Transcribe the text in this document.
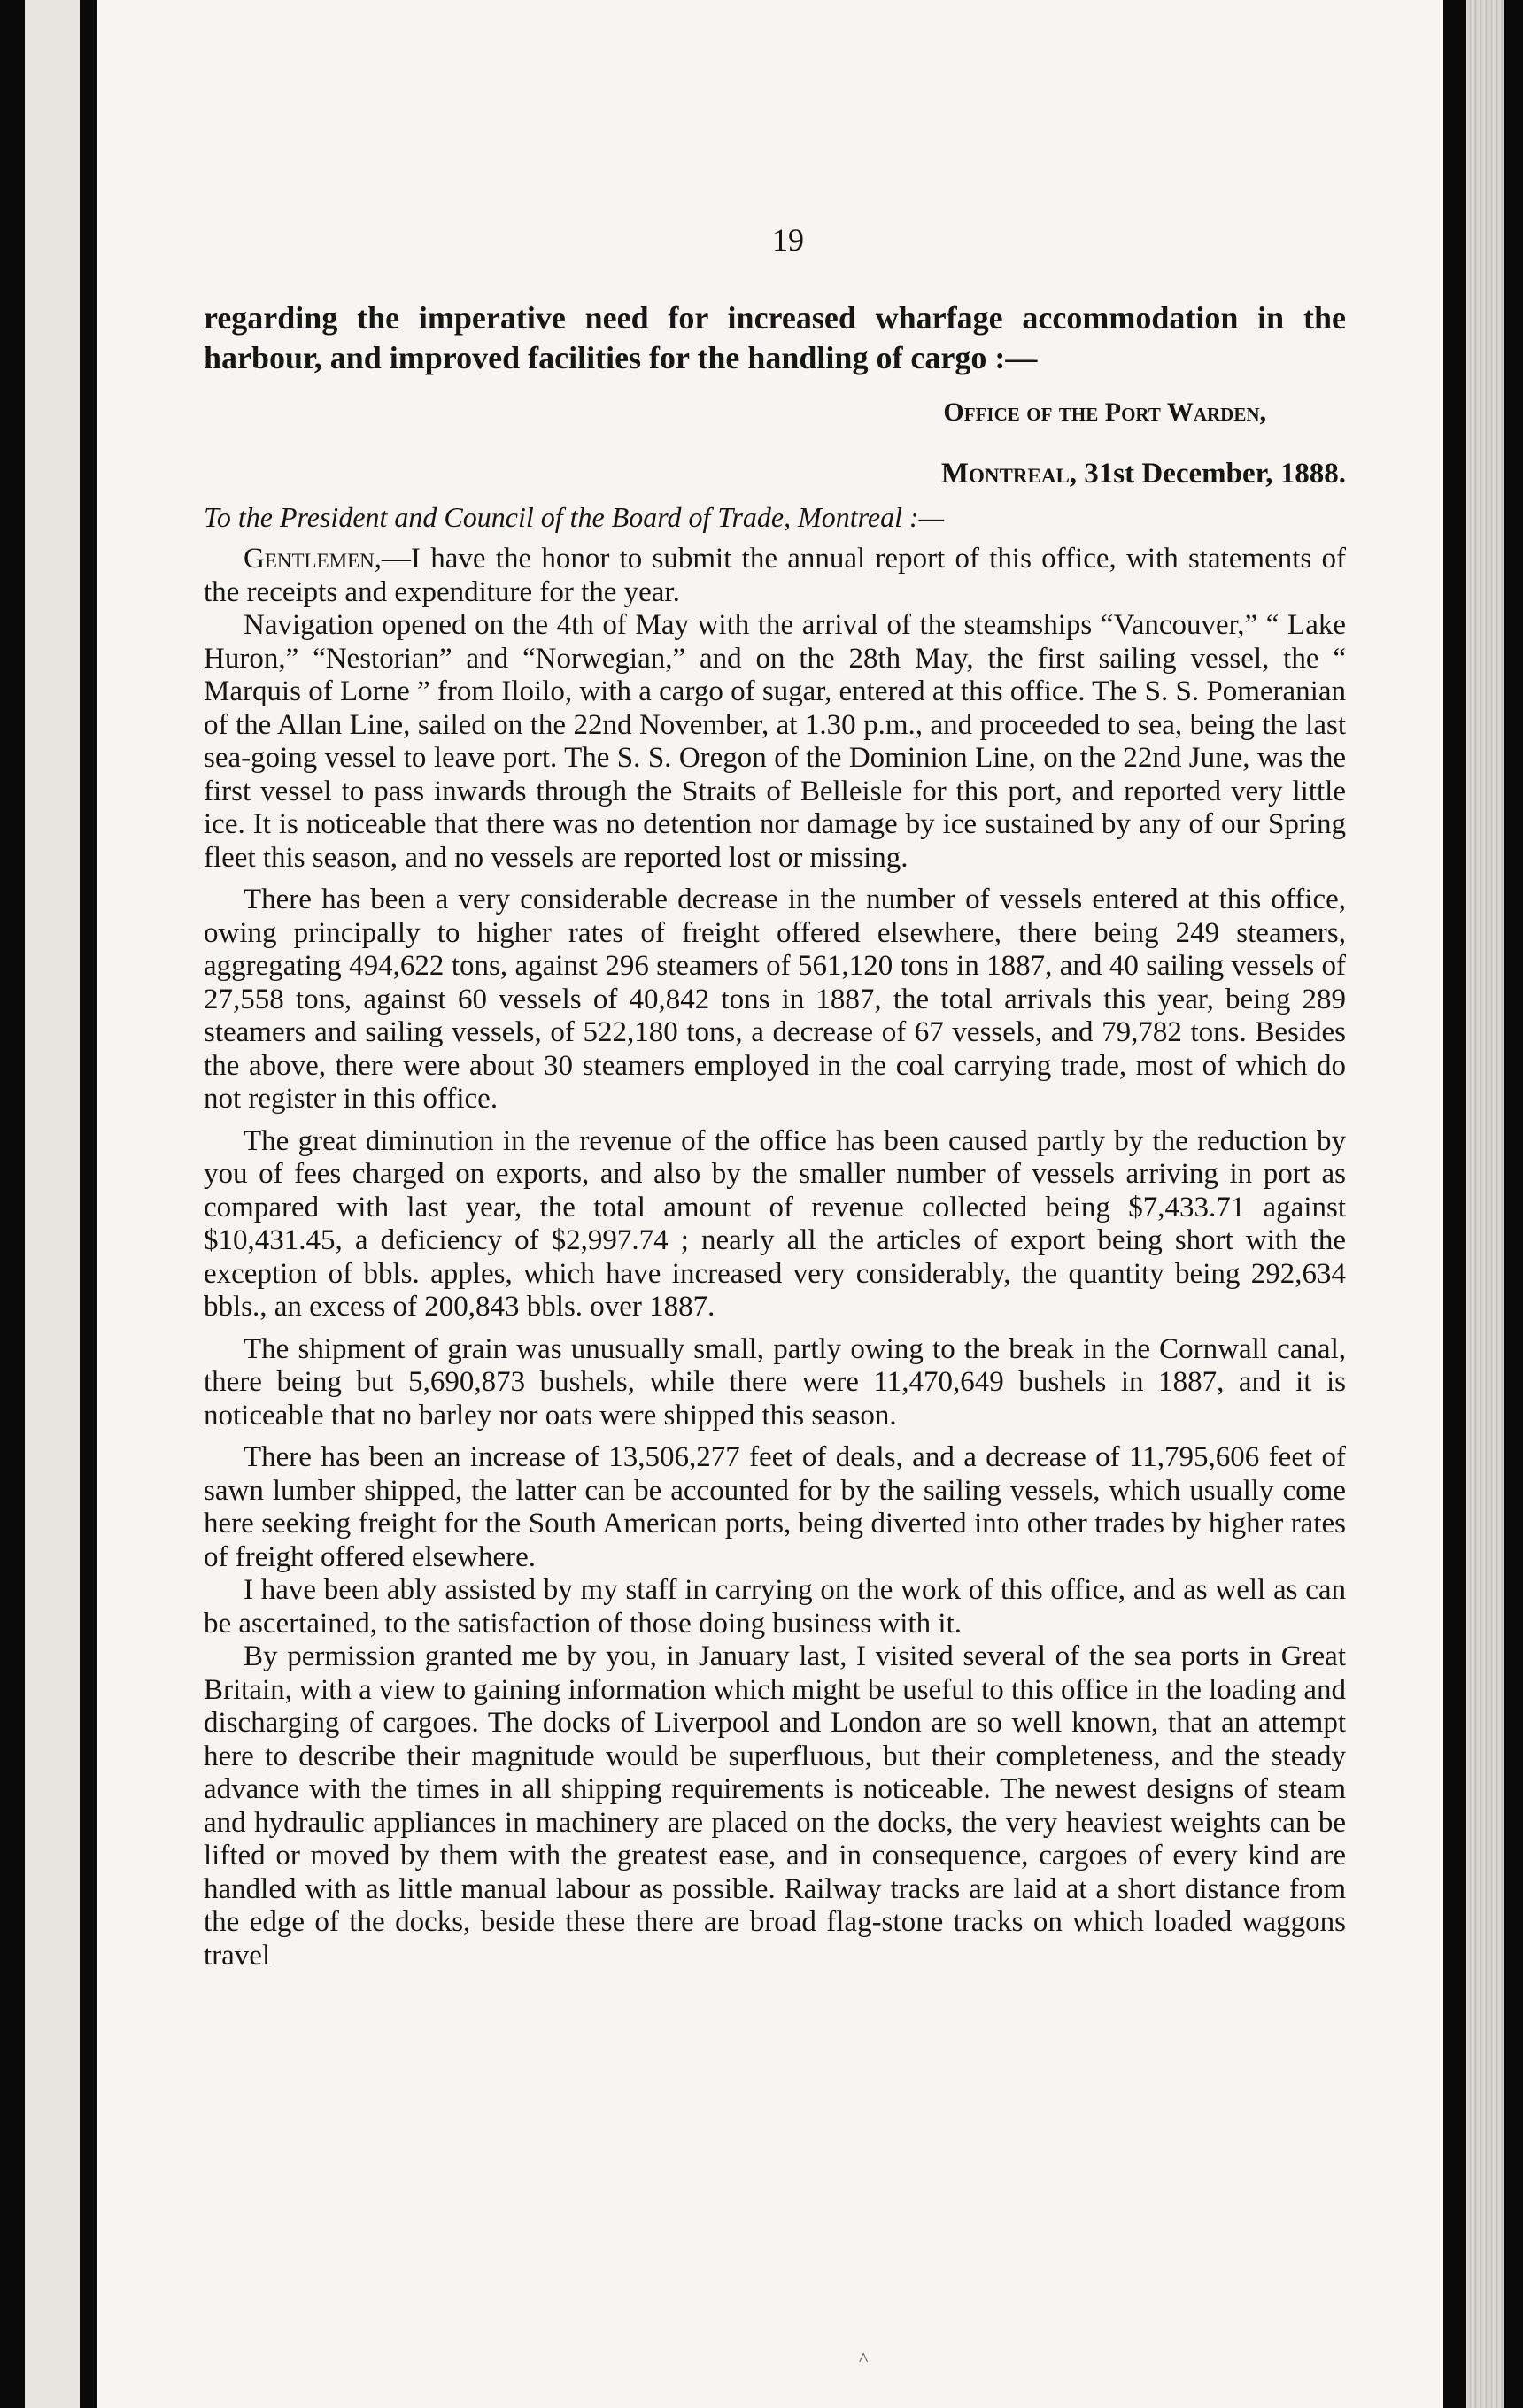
19

regarding the imperative need for increased wharfage accommodation in the harbour, and improved facilities for the handling of cargo :—

Office of the Port Warden,
Montreal, 31st December, 1888.
To the President and Council of the Board of Trade, Montreal :—

Gentlemen,—I have the honor to submit the annual report of this office, with statements of the receipts and expenditure for the year.

Navigation opened on the 4th of May with the arrival of the steamships “Vancouver,” “ Lake Huron,” “Nestorian” and “Norwegian,” and on the 28th May, the first sailing vessel, the “ Marquis of Lorne ” from Iloilo, with a cargo of sugar, entered at this office. The S. S. Pomeranian of the Allan Line, sailed on the 22nd November, at 1.30 p.m., and proceeded to sea, being the last sea-going vessel to leave port. The S. S. Oregon of the Dominion Line, on the 22nd June, was the first vessel to pass inwards through the Straits of Belleisle for this port, and reported very little ice. It is noticeable that there was no detention nor damage by ice sustained by any of our Spring fleet this season, and no vessels are reported lost or missing.

There has been a very considerable decrease in the number of vessels entered at this office, owing principally to higher rates of freight offered elsewhere, there being 249 steamers, aggregating 494,622 tons, against 296 steamers of 561,120 tons in 1887, and 40 sailing vessels of 27,558 tons, against 60 vessels of 40,842 tons in 1887, the total arrivals this year, being 289 steamers and sailing vessels, of 522,180 tons, a decrease of 67 vessels, and 79,782 tons. Besides the above, there were about 30 steamers employed in the coal carrying trade, most of which do not register in this office.

The great diminution in the revenue of the office has been caused partly by the reduction by you of fees charged on exports, and also by the smaller number of vessels arriving in port as compared with last year, the total amount of revenue collected being $7,433.71 against $10,431.45, a deficiency of $2,997.74 ; nearly all the articles of export being short with the exception of bbls. apples, which have increased very considerably, the quantity being 292,634 bbls., an excess of 200,843 bbls. over 1887.

The shipment of grain was unusually small, partly owing to the break in the Cornwall canal, there being but 5,690,873 bushels, while there were 11,470,649 bushels in 1887, and it is noticeable that no barley nor oats were shipped this season.

There has been an increase of 13,506,277 feet of deals, and a decrease of 11,795,606 feet of sawn lumber shipped, the latter can be accounted for by the sailing vessels, which usually come here seeking freight for the South American ports, being diverted into other trades by higher rates of freight offered elsewhere.

I have been ably assisted by my staff in carrying on the work of this office, and as well as can be ascertained, to the satisfaction of those doing business with it.

By permission granted me by you, in January last, I visited several of the sea ports in Great Britain, with a view to gaining information which might be useful to this office in the loading and discharging of cargoes. The docks of Liverpool and London are so well known, that an attempt here to describe their magnitude would be superfluous, but their completeness, and the steady advance with the times in all shipping requirements is noticeable. The newest designs of steam and hydraulic appliances in machinery are placed on the docks, the very heaviest weights can be lifted or moved by them with the greatest ease, and in consequence, cargoes of every kind are handled with as little manual labour as possible. Railway tracks are laid at a short distance from the edge of the docks, beside these there are broad flag-stone tracks on which loaded waggons travel

^
